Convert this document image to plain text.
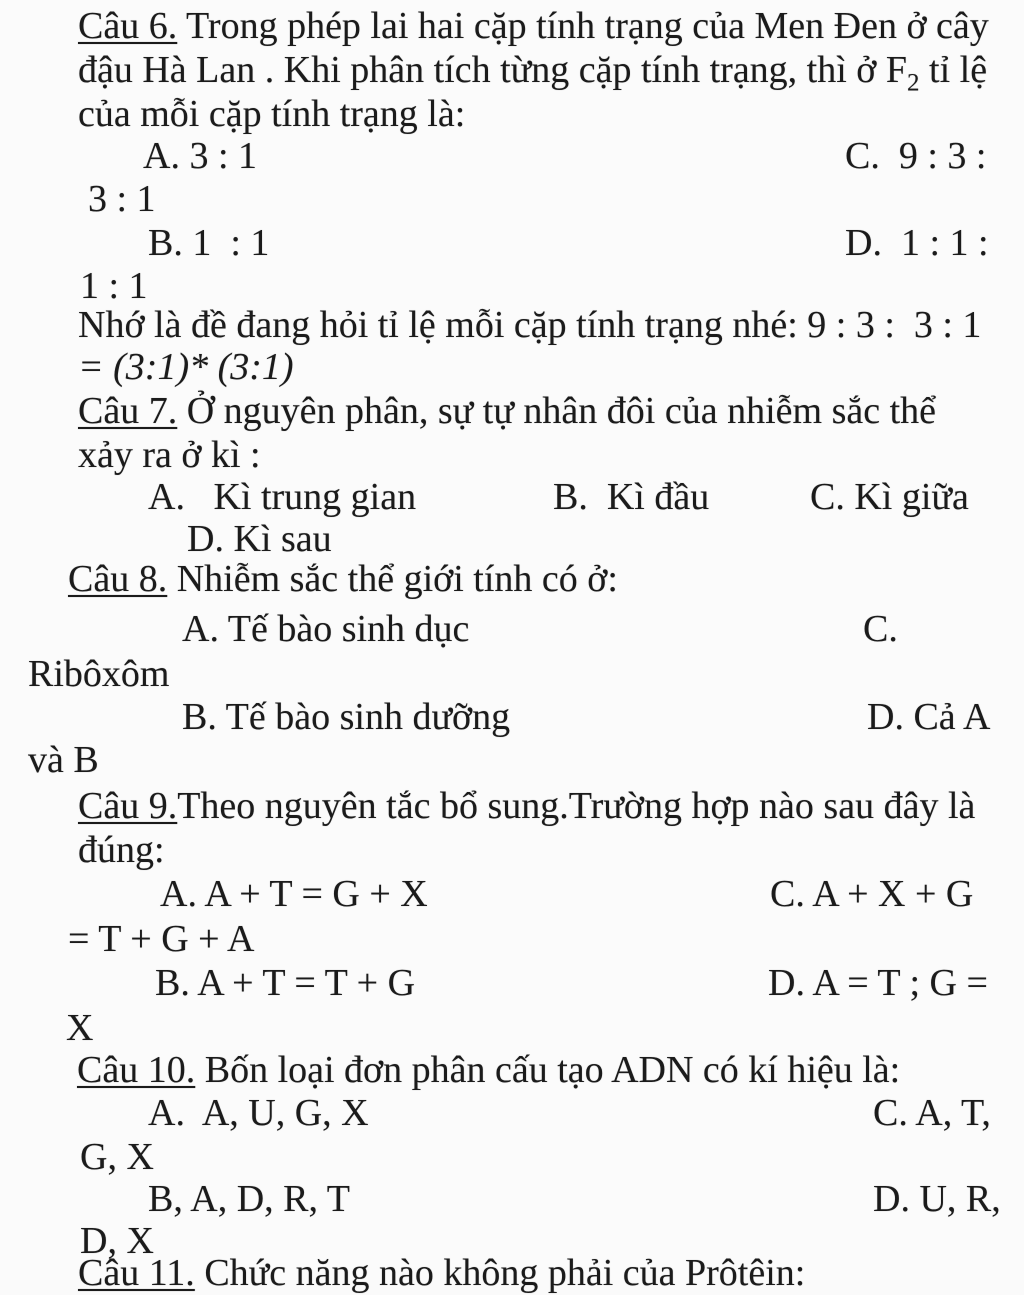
Câu 6. Trong phép lai hai cặp tính trạng của Men Đen ở cây
đậu Hà Lan . Khi phân tích từng cặp tính trạng, thì ở $F_2$ tỉ lệ
của mỗi cặp tính trạng là:
A. 3 : 1	C.  9 : 3 :
3 : 1
B. 1  : 1	D.  1 : 1 :
1 : 1
Nhớ là đề đang hỏi tỉ lệ mỗi cặp tính trạng nhé: 9 : 3 :  3 : 1
= (3:1)* (3:1)
Câu 7. Ở nguyên phân, sự tự nhân đôi của nhiễm sắc thể
xảy ra ở kì :
A.   Kì trung gian	B.  Kì đầu	C. Kì giữa
D. Kì sau
Câu 8. Nhiễm sắc thể giới tính có ở:
A. Tế bào sinh dục	C.
Ribôxôm
B. Tế bào sinh dưỡng	D. Cả A
và B
Câu 9.Theo nguyên tắc bổ sung.Trường hợp nào sau đây là
đúng:
A. A + T = G + X	C. A + X + G
= T + G + A
B. A + T = T + G	D. A = T ; G =
X
Câu 10. Bốn loại đơn phân cấu tạo ADN có kí hiệu là:
A.  A, U, G, X	C. A, T,
G, X
B, A, D, R, T	D. U, R,
D, X
Câu 11. Chức năng nào không phải của Prôtêin:
